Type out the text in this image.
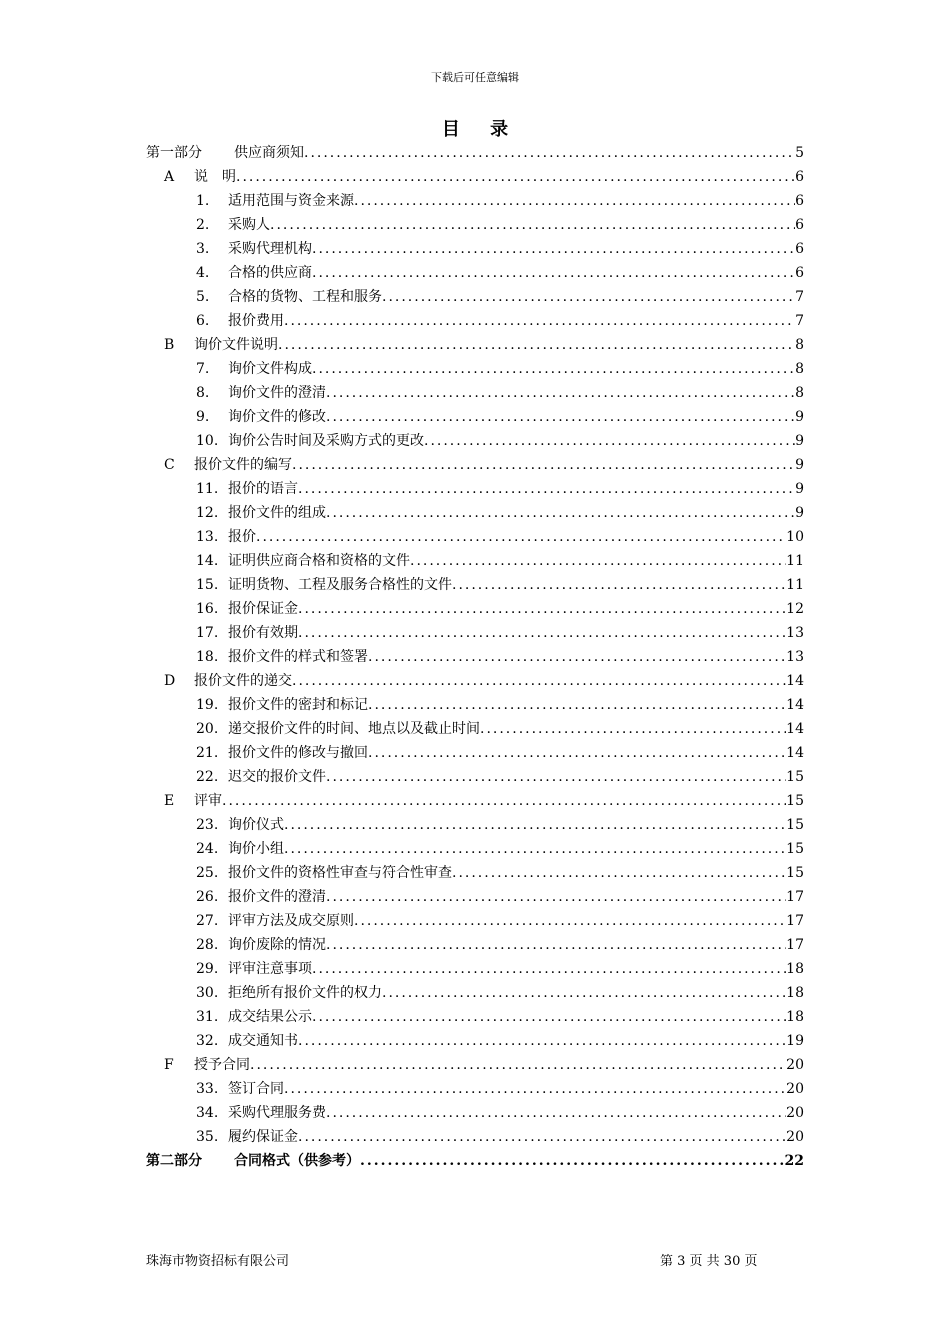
下载后可任意编辑
目 录
第一部分	供应商须知 .....	5
A	说　明 .....	6
1.	适用范围与资金来源 .....	6
2.	采购人 .....	6
3.	采购代理机构 .....	6
4.	合格的供应商 .....	6
5.	合格的货物、工程和服务 .....	7
6.	报价费用 .....	7
B	询价文件说明 .....	8
7.	询价文件构成 .....	8
8.	询价文件的澄清 .....	8
9.	询价文件的修改 .....	9
10. 询价公告时间及采购方式的更改 .....	9
C	报价文件的编写 .....	9
11. 报价的语言 .....	9
12. 报价文件的组成 .....	9
13. 报价 .....	10
14. 证明供应商合格和资格的文件 .....	11
15. 证明货物、工程及服务合格性的文件 .....	11
16. 报价保证金 .....	12
17. 报价有效期 .....	13
18. 报价文件的样式和签署 .....	13
D	报价文件的递交 .....	14
19. 报价文件的密封和标记 .....	14
20. 递交报价文件的时间、地点以及截止时间 .....	14
21. 报价文件的修改与撤回 .....	14
22. 迟交的报价文件 .....	15
E	评审 .....	15
23. 询价仪式 .....	15
24. 询价小组 .....	15
25. 报价文件的资格性审查与符合性审查 .....	15
26. 报价文件的澄清 .....	17
27. 评审方法及成交原则 .....	17
28. 询价废除的情况 .....	17
29. 评审注意事项 .....	18
30. 拒绝所有报价文件的权力 .....	18
31. 成交结果公示 .....	18
32. 成交通知书 .....	19
F	授予合同 .....	20
33. 签订合同 .....	20
34. 采购代理服务费 .....	20
35. 履约保证金 .....	20
第二部分	合同格式（供参考） .....	22
珠海市物资招标有限公司	第 3 页 共 30 页
